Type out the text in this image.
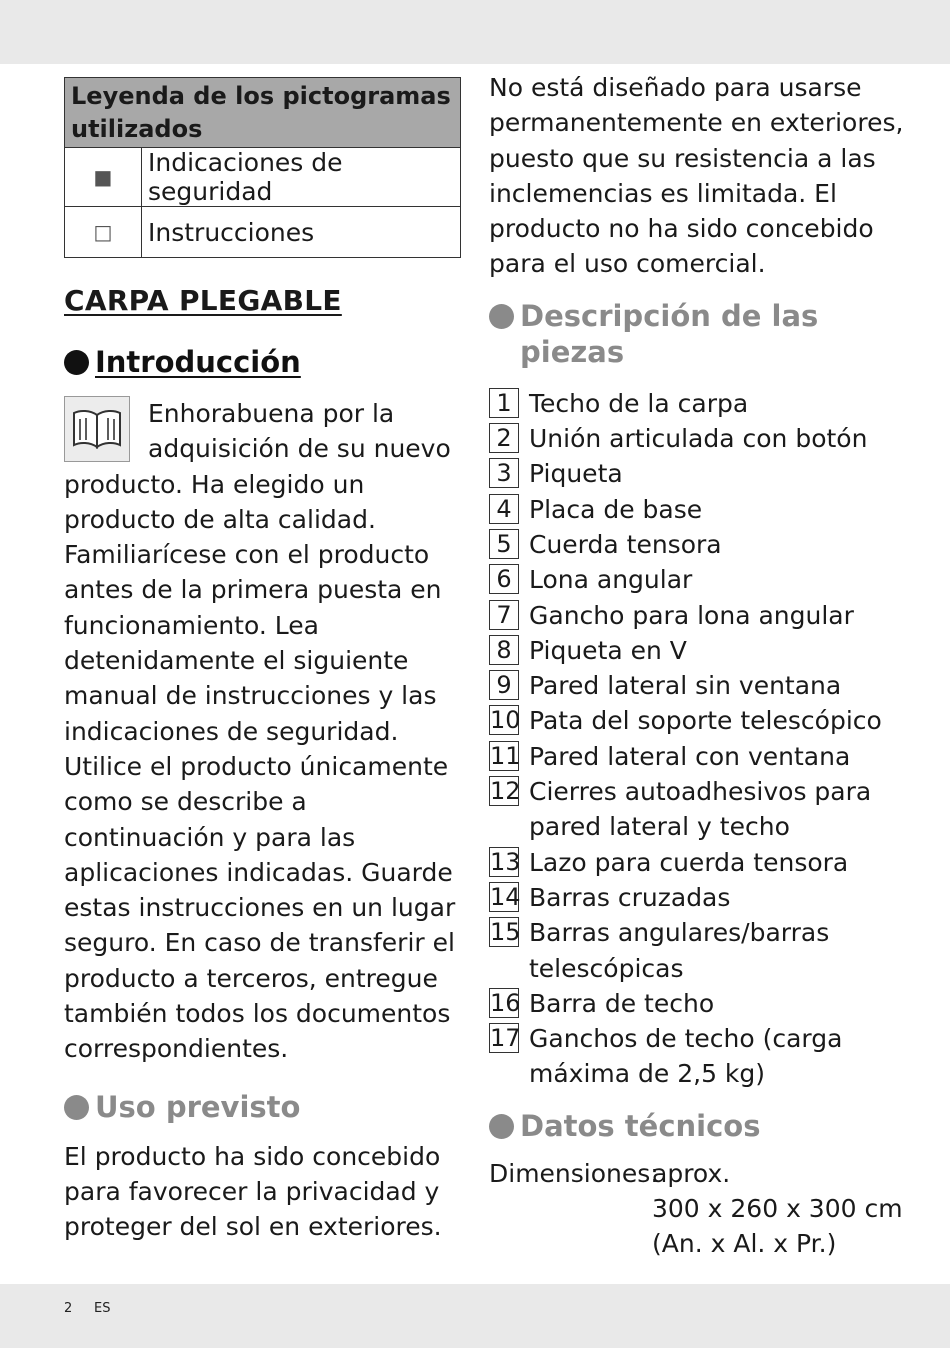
Leyenda de los pictogramas utilizados	
■	Indicaciones de seguridad
□	Instrucciones
CARPA PLEGABLE
Introducción
Enhorabuena por la adquisición de su nuevo producto. Ha elegido un producto de alta calidad. Familiarícese con el producto antes de la primera puesta en funcionamiento. Lea detenidamente el siguiente manual de instrucciones y las indicaciones de seguridad. Utilice el producto únicamente como se describe a continuación y para las aplicaciones indicadas. Guarde estas instrucciones en un lugar seguro. En caso de transferir el producto a terceros, entregue también todos los documentos correspondientes.
Uso previsto
El producto ha sido concebido para favorecer la privacidad y proteger del sol en exteriores.
No está diseñado para usarse permanentemente en exteriores, puesto que su resistencia a las inclemencias es limitada. El producto no ha sido concebido para el uso comercial.
Descripción de las piezas
1 Techo de la carpa
2 Unión articulada con botón
3 Piqueta
4 Placa de base
5 Cuerda tensora
6 Lona angular
7 Gancho para lona angular
8 Piqueta en V
9 Pared lateral sin ventana
10 Pata del soporte telescópico
11 Pared lateral con ventana
12 Cierres autoadhesivos para pared lateral y techo
13 Lazo para cuerda tensora
14 Barras cruzadas
15 Barras angulares/barras telescópicas
16 Barra de techo
17 Ganchos de techo (carga máxima de 2,5 kg)
Datos técnicos
Dimensiones:
aprox.
300 x 260 x 300 cm
(An. x Al. x Pr.)
2 ES
